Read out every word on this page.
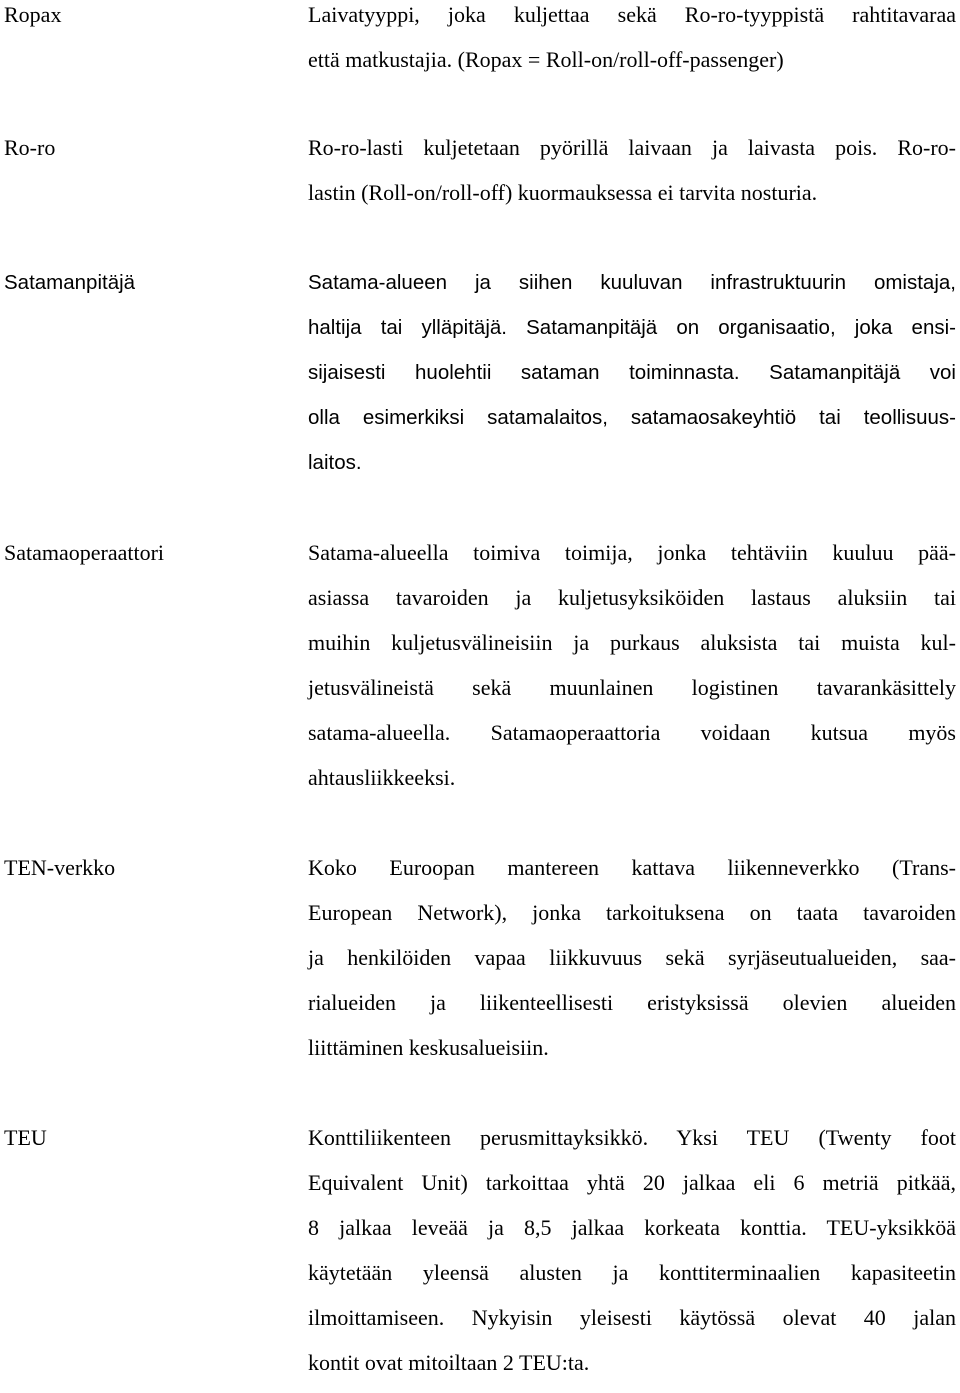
Ropax	Laivatyyppi, joka kuljettaa sekä Ro-ro-tyyppistä rahtitavaraa
että matkustajia. (Ropax = Roll-on/roll-off-passenger)
Ro-ro	Ro-ro-lasti kuljetetaan pyörillä laivaan ja laivasta pois. Ro-ro-
lastin (Roll-on/roll-off) kuormauksessa ei tarvita nosturia.
Satamanpitäjä	Satama-alueen ja siihen kuuluvan infrastruktuurin omistaja,
haltija tai ylläpitäjä. Satamanpitäjä on organisaatio, joka ensi-
sijaisesti huolehtii sataman toiminnasta. Satamanpitäjä voi
olla esimerkiksi satamalaitos, satamaosakeyhtiö tai teollisuus-
laitos.
Satamaoperaattori	Satama-alueella toimiva toimija, jonka tehtäviin kuuluu pää-
asiassa tavaroiden ja kuljetusyksiköiden lastaus aluksiin tai
muihin kuljetusvälineisiin ja purkaus aluksista tai muista kul-
jetusvälineistä sekä muunlainen logistinen tavarankäsittely
satama-alueella. Satamaoperaattoria voidaan kutsua myös
ahtausliikkeeksi.
TEN-verkko	Koko Euroopan mantereen kattava liikenneverkko (Trans-
European Network), jonka tarkoituksena on taata tavaroiden
ja henkilöiden vapaa liikkuvuus sekä syrjäseutualueiden, saa-
rialueiden ja liikenteellisesti eristyksissä olevien alueiden
liittäminen keskusalueisiin.
TEU	Konttiliikenteen perusmittayksikkö. Yksi TEU (Twenty foot
Equivalent Unit) tarkoittaa yhtä 20 jalkaa eli 6 metriä pitkää,
8 jalkaa leveää ja 8,5 jalkaa korkeata konttia. TEU-yksikköä
käytetään yleensä alusten ja konttiterminaalien kapasiteetin
ilmoittamiseen. Nykyisin yleisesti käytössä olevat 40 jalan
kontit ovat mitoiltaan 2 TEU:ta.
